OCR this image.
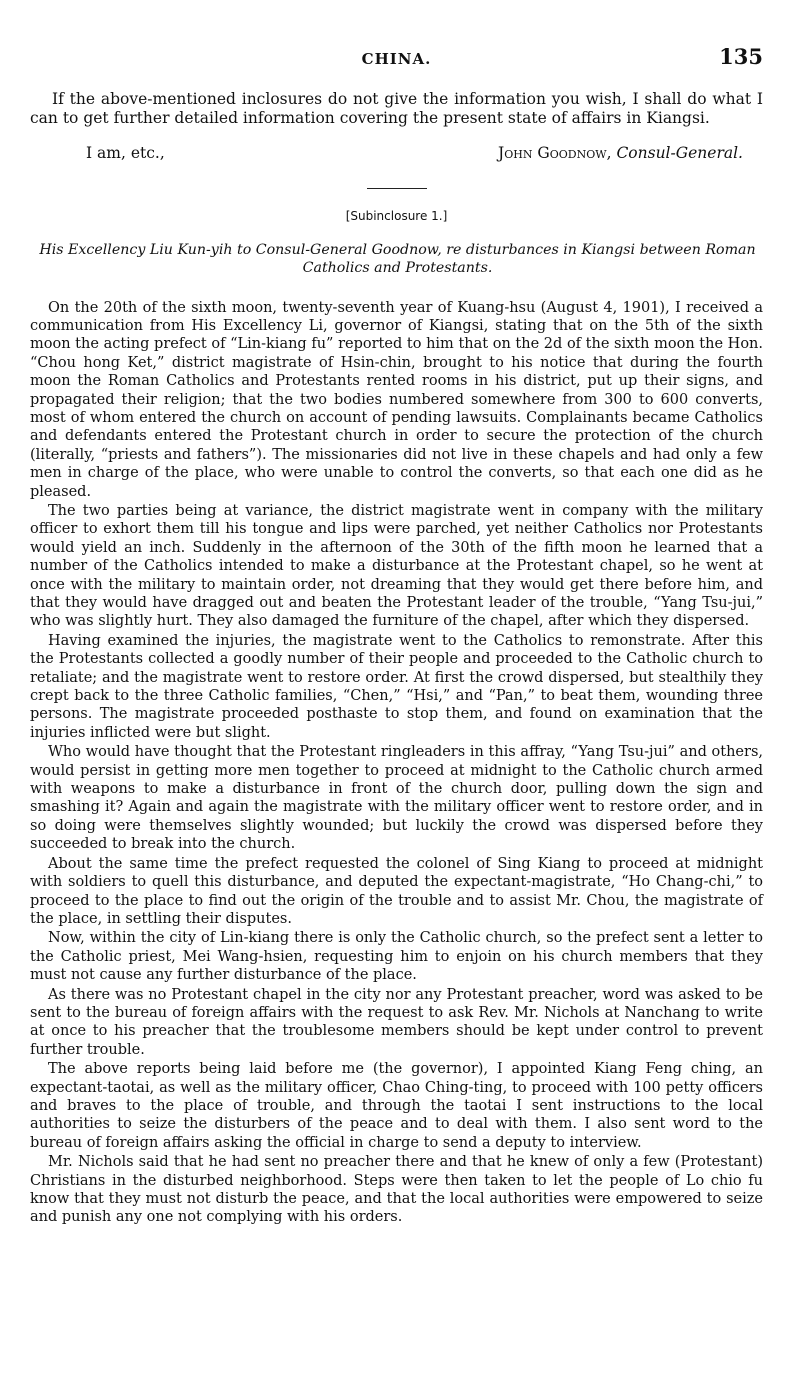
CHINA.	135

If the above-mentioned inclosures do not give the information you wish, I shall do what I can to get further detailed information covering the present state of affairs in Kiangsi.

I am, etc.,	John Goodnow, Consul-General.
[Subinclosure 1.]
His Excellency Liu Kun-yih to Consul-General Goodnow, re disturbances in Kiangsi between Roman Catholics and Protestants.

On the 20th of the sixth moon, twenty-seventh year of Kuang-hsu (August 4, 1901), I received a communication from His Excellency Li, governor of Kiangsi, stating that on the 5th of the sixth moon the acting prefect of “Lin-kiang fu” reported to him that on the 2d of the sixth moon the Hon. “Chou hong Ket,” district magistrate of Hsin-chin, brought to his notice that during the fourth moon the Roman Catholics and Protestants rented rooms in his district, put up their signs, and propagated their religion; that the two bodies numbered somewhere from 300 to 600 converts, most of whom entered the church on account of pending lawsuits. Complainants became Catholics and defendants entered the Protestant church in order to secure the protection of the church (literally, “priests and fathers”). The missionaries did not live in these chapels and had only a few men in charge of the place, who were unable to control the converts, so that each one did as he pleased.

The two parties being at variance, the district magistrate went in company with the military officer to exhort them till his tongue and lips were parched, yet neither Catholics nor Protestants would yield an inch. Suddenly in the afternoon of the 30th of the fifth moon he learned that a number of the Catholics intended to make a disturbance at the Protestant chapel, so he went at once with the military to maintain order, not dreaming that they would get there before him, and that they would have dragged out and beaten the Protestant leader of the trouble, “Yang Tsu-jui,” who was slightly hurt. They also damaged the furniture of the chapel, after which they dispersed.

Having examined the injuries, the magistrate went to the Catholics to remonstrate. After this the Protestants collected a goodly number of their people and proceeded to the Catholic church to retaliate; and the magistrate went to restore order. At first the crowd dispersed, but stealthily they crept back to the three Catholic families, “Chen,” “Hsi,” and “Pan,” to beat them, wounding three persons. The magistrate proceeded posthaste to stop them, and found on examination that the injuries inflicted were but slight.

Who would have thought that the Protestant ringleaders in this affray, “Yang Tsu-jui” and others, would persist in getting more men together to proceed at midnight to the Catholic church armed with weapons to make a disturbance in front of the church door, pulling down the sign and smashing it? Again and again the magistrate with the military officer went to restore order, and in so doing were themselves slightly wounded; but luckily the crowd was dispersed before they succeeded to break into the church.

About the same time the prefect requested the colonel of Sing Kiang to proceed at midnight with soldiers to quell this disturbance, and deputed the expectant-magistrate, “Ho Chang-chi,” to proceed to the place to find out the origin of the trouble and to assist Mr. Chou, the magistrate of the place, in settling their disputes.

Now, within the city of Lin-kiang there is only the Catholic church, so the prefect sent a letter to the Catholic priest, Mei Wang-hsien, requesting him to enjoin on his church members that they must not cause any further disturbance of the place.

As there was no Protestant chapel in the city nor any Protestant preacher, word was asked to be sent to the bureau of foreign affairs with the request to ask Rev. Mr. Nichols at Nanchang to write at once to his preacher that the troublesome members should be kept under control to prevent further trouble.

The above reports being laid before me (the governor), I appointed Kiang Feng ching, an expectant-taotai, as well as the military officer, Chao Ching-ting, to proceed with 100 petty officers and braves to the place of trouble, and through the taotai I sent instructions to the local authorities to seize the disturbers of the peace and to deal with them. I also sent word to the bureau of foreign affairs asking the official in charge to send a deputy to interview.

Mr. Nichols said that he had sent no preacher there and that he knew of only a few (Protestant) Christians in the disturbed neighborhood. Steps were then taken to let the people of Lo chio fu know that they must not disturb the peace, and that the local authorities were empowered to seize and punish any one not complying with his orders.
